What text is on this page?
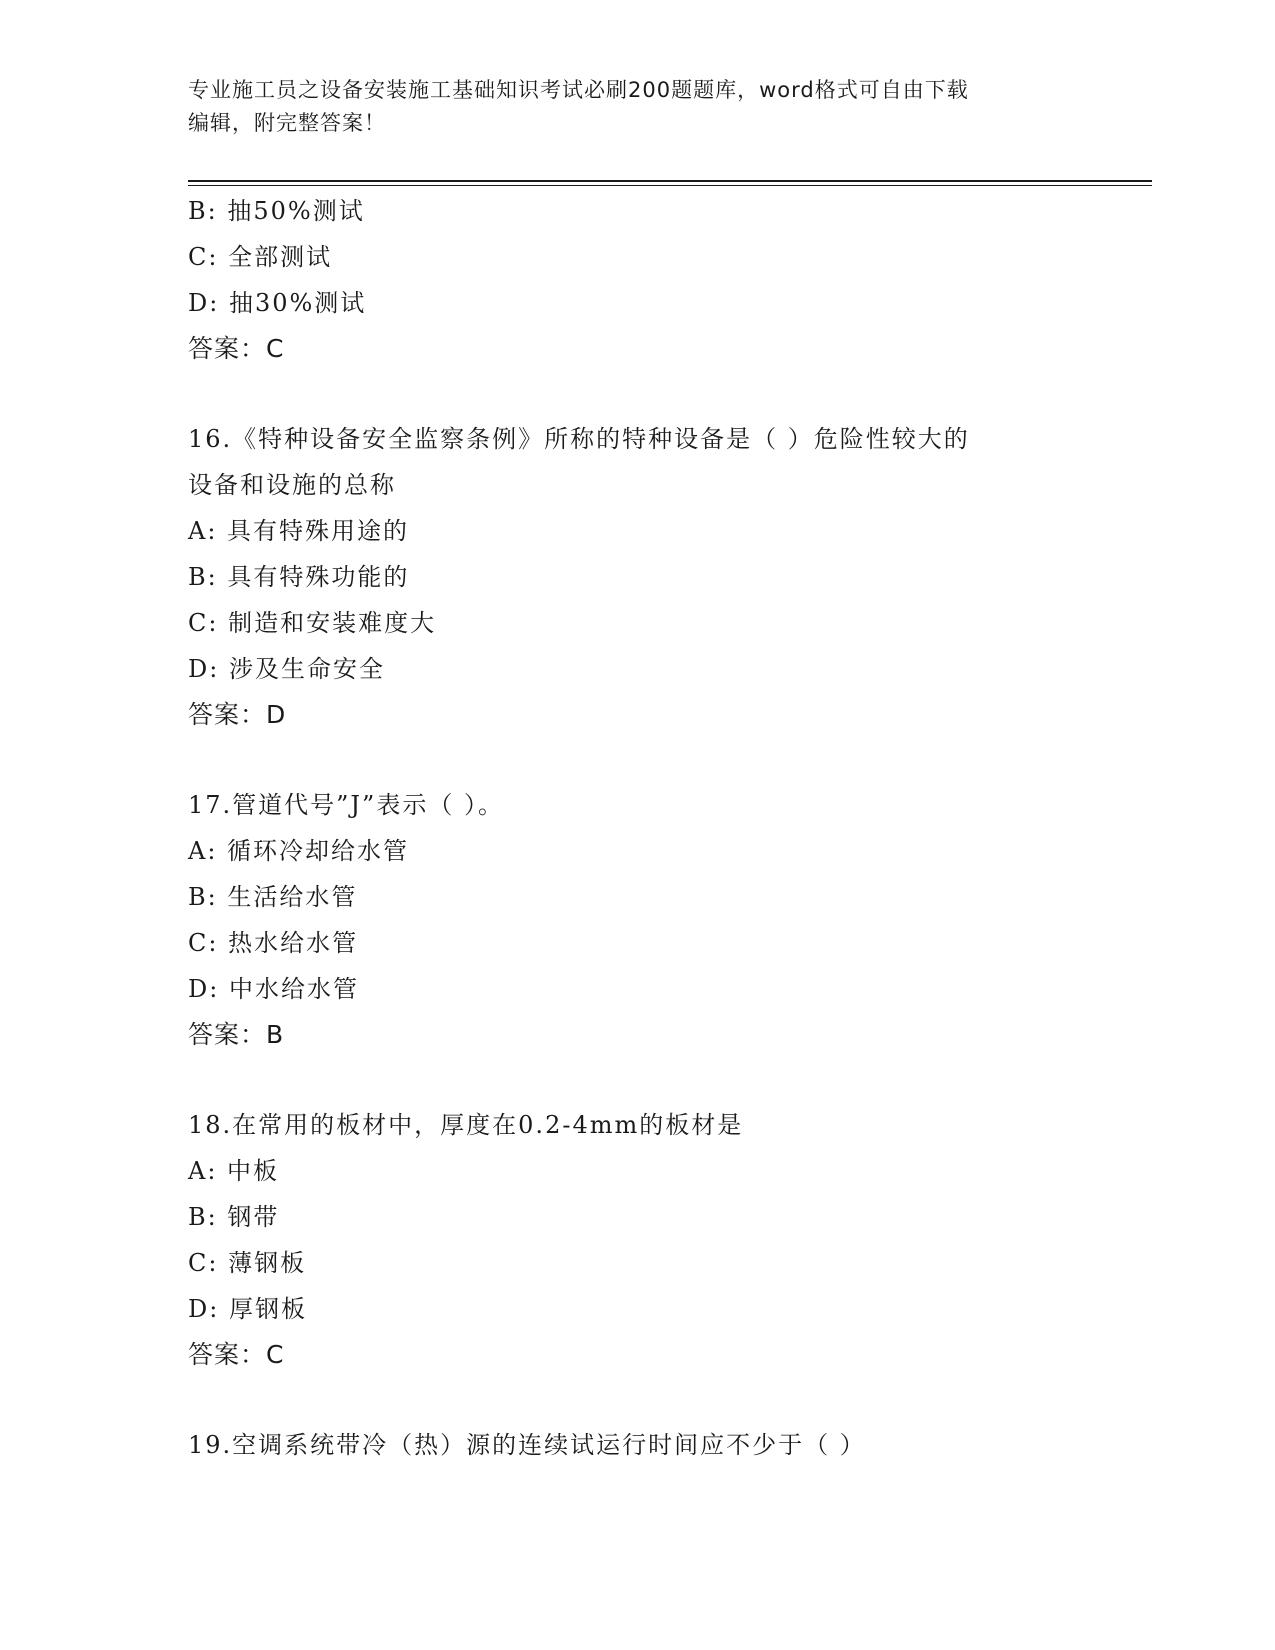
专业施工员之设备安装施工基础知识考试必刷200题题库，word格式可自由下载
编辑，附完整答案！
B: 抽50%测试
C: 全部测试
D: 抽30%测试
答案：C
16.《特种设备安全监察条例》所称的特种设备是（ ）危险性较大的
设备和设施的总称
A: 具有特殊用途的
B: 具有特殊功能的
C: 制造和安装难度大
D: 涉及生命安全
答案：D
17.管道代号”J”表示（ ）。
A: 循环冷却给水管
B: 生活给水管
C: 热水给水管
D: 中水给水管
答案：B
18.在常用的板材中，厚度在0.2-4mm的板材是
A: 中板
B: 钢带
C: 薄钢板
D: 厚钢板
答案：C
19.空调系统带冷（热）源的连续试运行时间应不少于（ ）
